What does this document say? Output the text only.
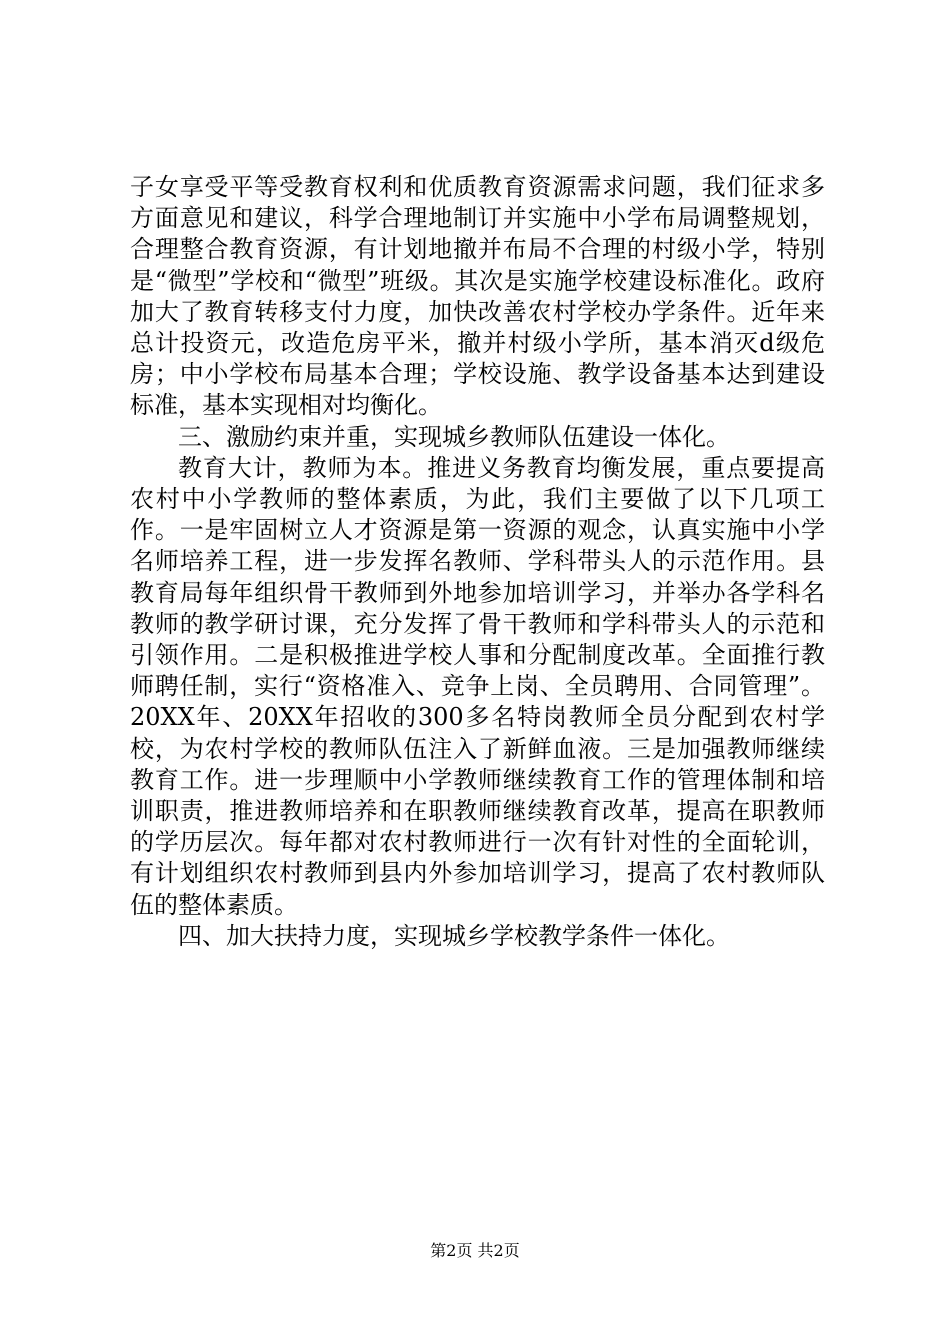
子女享受平等受教育权利和优质教育资源需求问题，我们征求多方面意见和建议，科学合理地制订并实施中小学布局调整规划，合理整合教育资源，有计划地撤并布局不合理的村级小学，特别是“微型”学校和“微型”班级。其次是实施学校建设标准化。政府加大了教育转移支付力度，加快改善农村学校办学条件。近年来总计投资元，改造危房平米，撤并村级小学所，基本消灭d级危房；中小学校布局基本合理；学校设施、教学设备基本达到建设标准，基本实现相对均衡化。

三、激励约束并重，实现城乡教师队伍建设一体化。

教育大计，教师为本。推进义务教育均衡发展，重点要提高农村中小学教师的整体素质，为此，我们主要做了以下几项工作。一是牢固树立人才资源是第一资源的观念，认真实施中小学名师培养工程，进一步发挥名教师、学科带头人的示范作用。县教育局每年组织骨干教师到外地参加培训学习，并举办各学科名教师的教学研讨课，充分发挥了骨干教师和学科带头人的示范和引领作用。二是积极推进学校人事和分配制度改革。全面推行教师聘任制，实行“资格准入、竞争上岗、全员聘用、合同管理”。20XX年、20XX年招收的300多名特岗教师全员分配到农村学校，为农村学校的教师队伍注入了新鲜血液。三是加强教师继续教育工作。进一步理顺中小学教师继续教育工作的管理体制和培训职责，推进教师培养和在职教师继续教育改革，提高在职教师的学历层次。每年都对农村教师进行一次有针对性的全面轮训，有计划组织农村教师到县内外参加培训学习，提高了农村教师队伍的整体素质。

四、加大扶持力度，实现城乡学校教学条件一体化。

第2页 共2页
